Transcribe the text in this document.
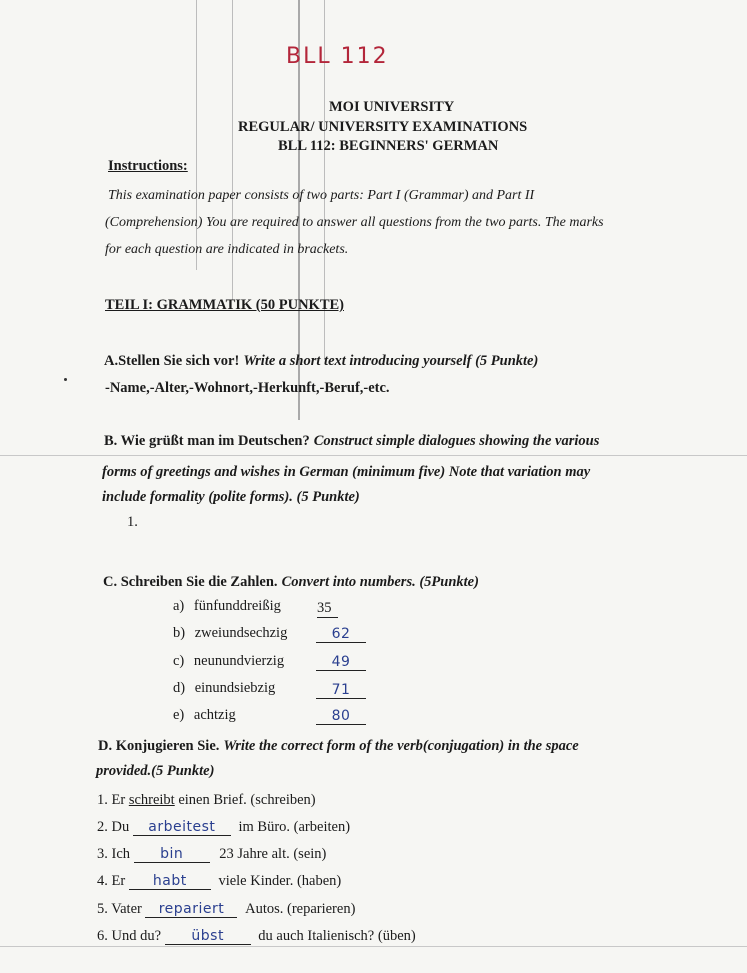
BLL 112
MOI UNIVERSITY
REGULAR/ UNIVERSITY EXAMINATIONS
BLL 112: BEGINNERS' GERMAN
Instructions:
This examination paper consists of two parts: Part I (Grammar) and Part II
(Comprehension) You are required to answer all questions from the two parts. The marks
for each question are indicated in brackets.
TEIL I: GRAMMATIK (50 PUNKTE)
A.Stellen Sie sich vor! Write a short text introducing yourself (5 Punkte)
-Name,-Alter,-Wohnort,-Herkunft,-Beruf,-etc.
B. Wie grüßt man im Deutschen? Construct simple dialogues showing the various
forms of greetings and wishes in German (minimum five) Note that variation may
include formality (polite forms). (5 Punkte)
1.
C. Schreiben Sie die Zahlen. Convert into numbers. (5Punkte)
a) fünfunddreißig 35
b) zweiundsechzig	62
c) neunundvierzig	49
d) einundsiebzig	71
e) achtzig	80
D. Konjugieren Sie. Write the correct form of the verb(conjugation) in the space
provided.(5 Punkte)
1. Er schreibt einen Brief. (schreiben)
2. Du arbeitest im Büro. (arbeiten)
3. Ich bin 23 Jahre alt. (sein)
4. Er habt viele Kinder. (haben)
5. Vater repariert Autos. (reparieren)
6. Und du? übst du auch Italienisch? (üben)
